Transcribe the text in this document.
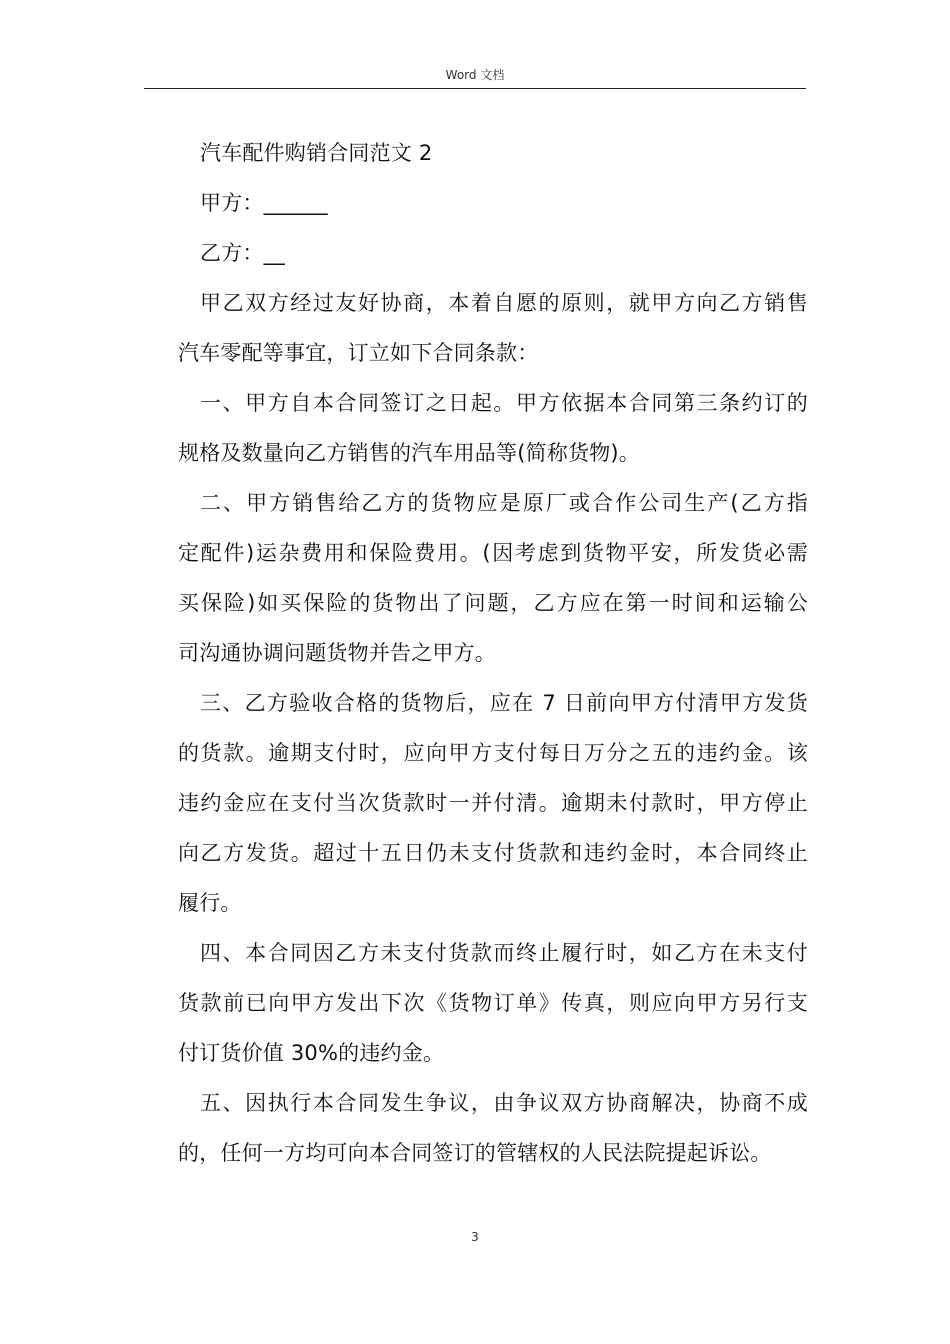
Word 文档
汽车配件购销合同范文 2
甲方：______
乙方：__
甲乙双方经过友好协商，本着自愿的原则，就甲方向乙方销售
汽车零配等事宜，订立如下合同条款：
一、甲方自本合同签订之日起。甲方依据本合同第三条约订的
规格及数量向乙方销售的汽车用品等(简称货物)。
二、甲方销售给乙方的货物应是原厂或合作公司生产(乙方指
定配件)运杂费用和保险费用。(因考虑到货物平安，所发货必需
买保险)如买保险的货物出了问题，乙方应在第一时间和运输公
司沟通协调问题货物并告之甲方。
三、乙方验收合格的货物后，应在 7 日前向甲方付清甲方发货
的货款。逾期支付时，应向甲方支付每日万分之五的违约金。该
违约金应在支付当次货款时一并付清。逾期未付款时，甲方停止
向乙方发货。超过十五日仍未支付货款和违约金时，本合同终止
履行。
四、本合同因乙方未支付货款而终止履行时，如乙方在未支付
货款前已向甲方发出下次《货物订单》传真，则应向甲方另行支
付订货价值 30%的违约金。
五、因执行本合同发生争议，由争议双方协商解决，协商不成
的，任何一方均可向本合同签订的管辖权的人民法院提起诉讼。
3
